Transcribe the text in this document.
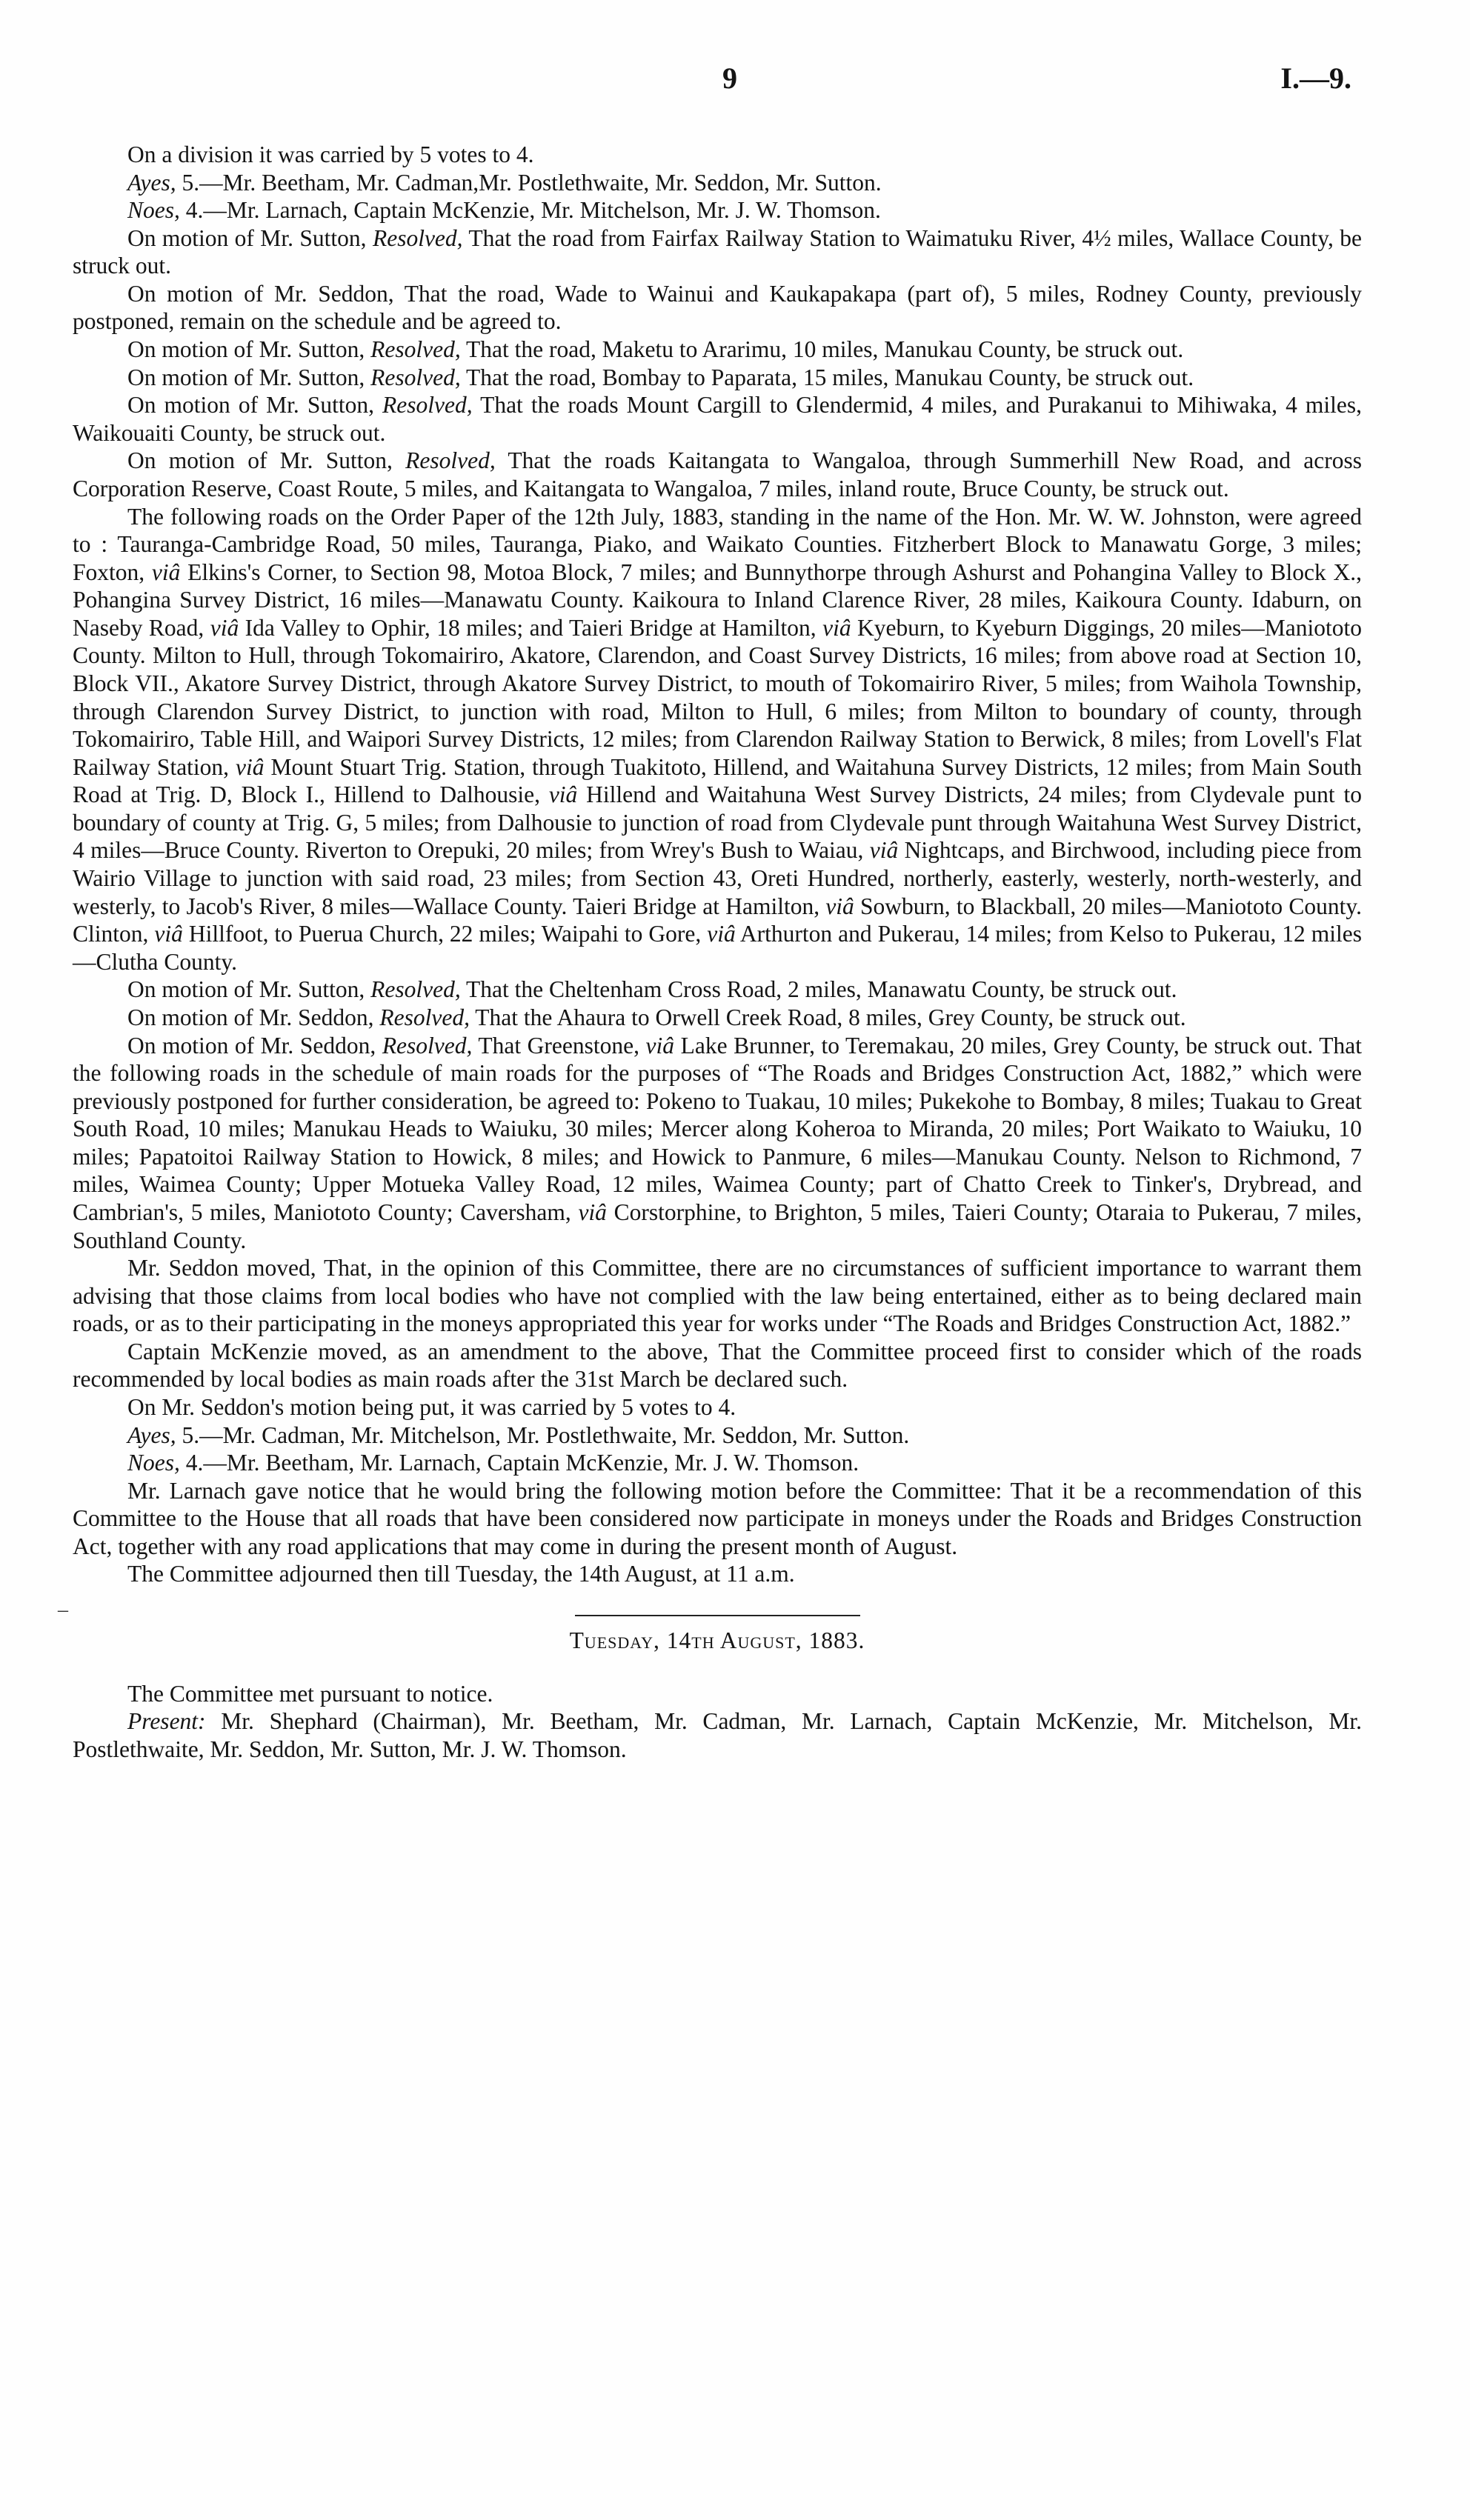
9	I.—9.
–

On a division it was carried by 5 votes to 4.

Ayes, 5.—Mr. Beetham, Mr. Cadman,Mr. Postlethwaite, Mr. Seddon, Mr. Sutton.

Noes, 4.—Mr. Larnach, Captain McKenzie, Mr. Mitchelson, Mr. J. W. Thomson.

On motion of Mr. Sutton, Resolved, That the road from Fairfax Railway Station to Waimatuku River, 4½ miles, Wallace County, be struck out.

On motion of Mr. Seddon, That the road, Wade to Wainui and Kaukapakapa (part of), 5 miles, Rodney County, previously postponed, remain on the schedule and be agreed to.

On motion of Mr. Sutton, Resolved, That the road, Maketu to Ararimu, 10 miles, Manukau County, be struck out.

On motion of Mr. Sutton, Resolved, That the road, Bombay to Paparata, 15 miles, Manukau County, be struck out.

On motion of Mr. Sutton, Resolved, That the roads Mount Cargill to Glendermid, 4 miles, and Purakanui to Mihiwaka, 4 miles, Waikouaiti County, be struck out.

On motion of Mr. Sutton, Resolved, That the roads Kaitangata to Wangaloa, through Summerhill New Road, and across Corporation Reserve, Coast Route, 5 miles, and Kaitangata to Wangaloa, 7 miles, inland route, Bruce County, be struck out.

The following roads on the Order Paper of the 12th July, 1883, standing in the name of the Hon. Mr. W. W. Johnston, were agreed to : Tauranga-Cambridge Road, 50 miles, Tauranga, Piako, and Waikato Counties. Fitzherbert Block to Manawatu Gorge, 3 miles; Foxton, viâ Elkins's Corner, to Section 98, Motoa Block, 7 miles; and Bunnythorpe through Ashurst and Pohangina Valley to Block X., Pohangina Survey District, 16 miles—Manawatu County. Kaikoura to Inland Clarence River, 28 miles, Kaikoura County. Idaburn, on Naseby Road, viâ Ida Valley to Ophir, 18 miles; and Taieri Bridge at Hamilton, viâ Kyeburn, to Kyeburn Diggings, 20 miles—Maniototo County. Milton to Hull, through Tokomairiro, Akatore, Clarendon, and Coast Survey Districts, 16 miles; from above road at Section 10, Block VII., Akatore Survey District, through Akatore Survey District, to mouth of Tokomairiro River, 5 miles; from Waihola Township, through Clarendon Survey District, to junction with road, Milton to Hull, 6 miles; from Milton to boundary of county, through Tokomairiro, Table Hill, and Waipori Survey Districts, 12 miles; from Clarendon Railway Station to Berwick, 8 miles; from Lovell's Flat Railway Station, viâ Mount Stuart Trig. Station, through Tuakitoto, Hillend, and Waitahuna Survey Districts, 12 miles; from Main South Road at Trig. D, Block I., Hillend to Dalhousie, viâ Hillend and Waitahuna West Survey Districts, 24 miles; from Clydevale punt to boundary of county at Trig. G, 5 miles; from Dalhousie to junction of road from Clydevale punt through Waitahuna West Survey District, 4 miles—Bruce County. Riverton to Orepuki, 20 miles; from Wrey's Bush to Waiau, viâ Nightcaps, and Birchwood, including piece from Wairio Village to junction with said road, 23 miles; from Section 43, Oreti Hundred, northerly, easterly, westerly, north-westerly, and westerly, to Jacob's River, 8 miles—Wallace County. Taieri Bridge at Hamilton, viâ Sowburn, to Blackball, 20 miles—Maniototo County. Clinton, viâ Hillfoot, to Puerua Church, 22 miles; Waipahi to Gore, viâ Arthurton and Pukerau, 14 miles; from Kelso to Pukerau, 12 miles—Clutha County.

On motion of Mr. Sutton, Resolved, That the Cheltenham Cross Road, 2 miles, Manawatu County, be struck out.

On motion of Mr. Seddon, Resolved, That the Ahaura to Orwell Creek Road, 8 miles, Grey County, be struck out.

On motion of Mr. Seddon, Resolved, That Greenstone, viâ Lake Brunner, to Teremakau, 20 miles, Grey County, be struck out. That the following roads in the schedule of main roads for the purposes of “The Roads and Bridges Construction Act, 1882,” which were previously postponed for further consideration, be agreed to: Pokeno to Tuakau, 10 miles; Pukekohe to Bombay, 8 miles; Tuakau to Great South Road, 10 miles; Manukau Heads to Waiuku, 30 miles; Mercer along Koheroa to Miranda, 20 miles; Port Waikato to Waiuku, 10 miles; Papatoitoi Railway Station to Howick, 8 miles; and Howick to Panmure, 6 miles—Manukau County. Nelson to Richmond, 7 miles, Waimea County; Upper Motueka Valley Road, 12 miles, Waimea County; part of Chatto Creek to Tinker's, Drybread, and Cambrian's, 5 miles, Maniototo County; Caversham, viâ Corstorphine, to Brighton, 5 miles, Taieri County; Otaraia to Pukerau, 7 miles, Southland County.

Mr. Seddon moved, That, in the opinion of this Committee, there are no circumstances of sufficient importance to warrant them advising that those claims from local bodies who have not complied with the law being entertained, either as to being declared main roads, or as to their participating in the moneys appropriated this year for works under “The Roads and Bridges Construction Act, 1882.”

Captain McKenzie moved, as an amendment to the above, That the Committee proceed first to consider which of the roads recommended by local bodies as main roads after the 31st March be declared such.

On Mr. Seddon's motion being put, it was carried by 5 votes to 4.

Ayes, 5.—Mr. Cadman, Mr. Mitchelson, Mr. Postlethwaite, Mr. Seddon, Mr. Sutton.

Noes, 4.—Mr. Beetham, Mr. Larnach, Captain McKenzie, Mr. J. W. Thomson.

Mr. Larnach gave notice that he would bring the following motion before the Committee: That it be a recommendation of this Committee to the House that all roads that have been considered now participate in moneys under the Roads and Bridges Construction Act, together with any road applications that may come in during the present month of August.

The Committee adjourned then till Tuesday, the 14th August, at 11 a.m.

Tuesday, 14th August, 1883.

The Committee met pursuant to notice.

Present: Mr. Shephard (Chairman), Mr. Beetham, Mr. Cadman, Mr. Larnach, Captain McKenzie, Mr. Mitchelson, Mr. Postlethwaite, Mr. Seddon, Mr. Sutton, Mr. J. W. Thomson.
